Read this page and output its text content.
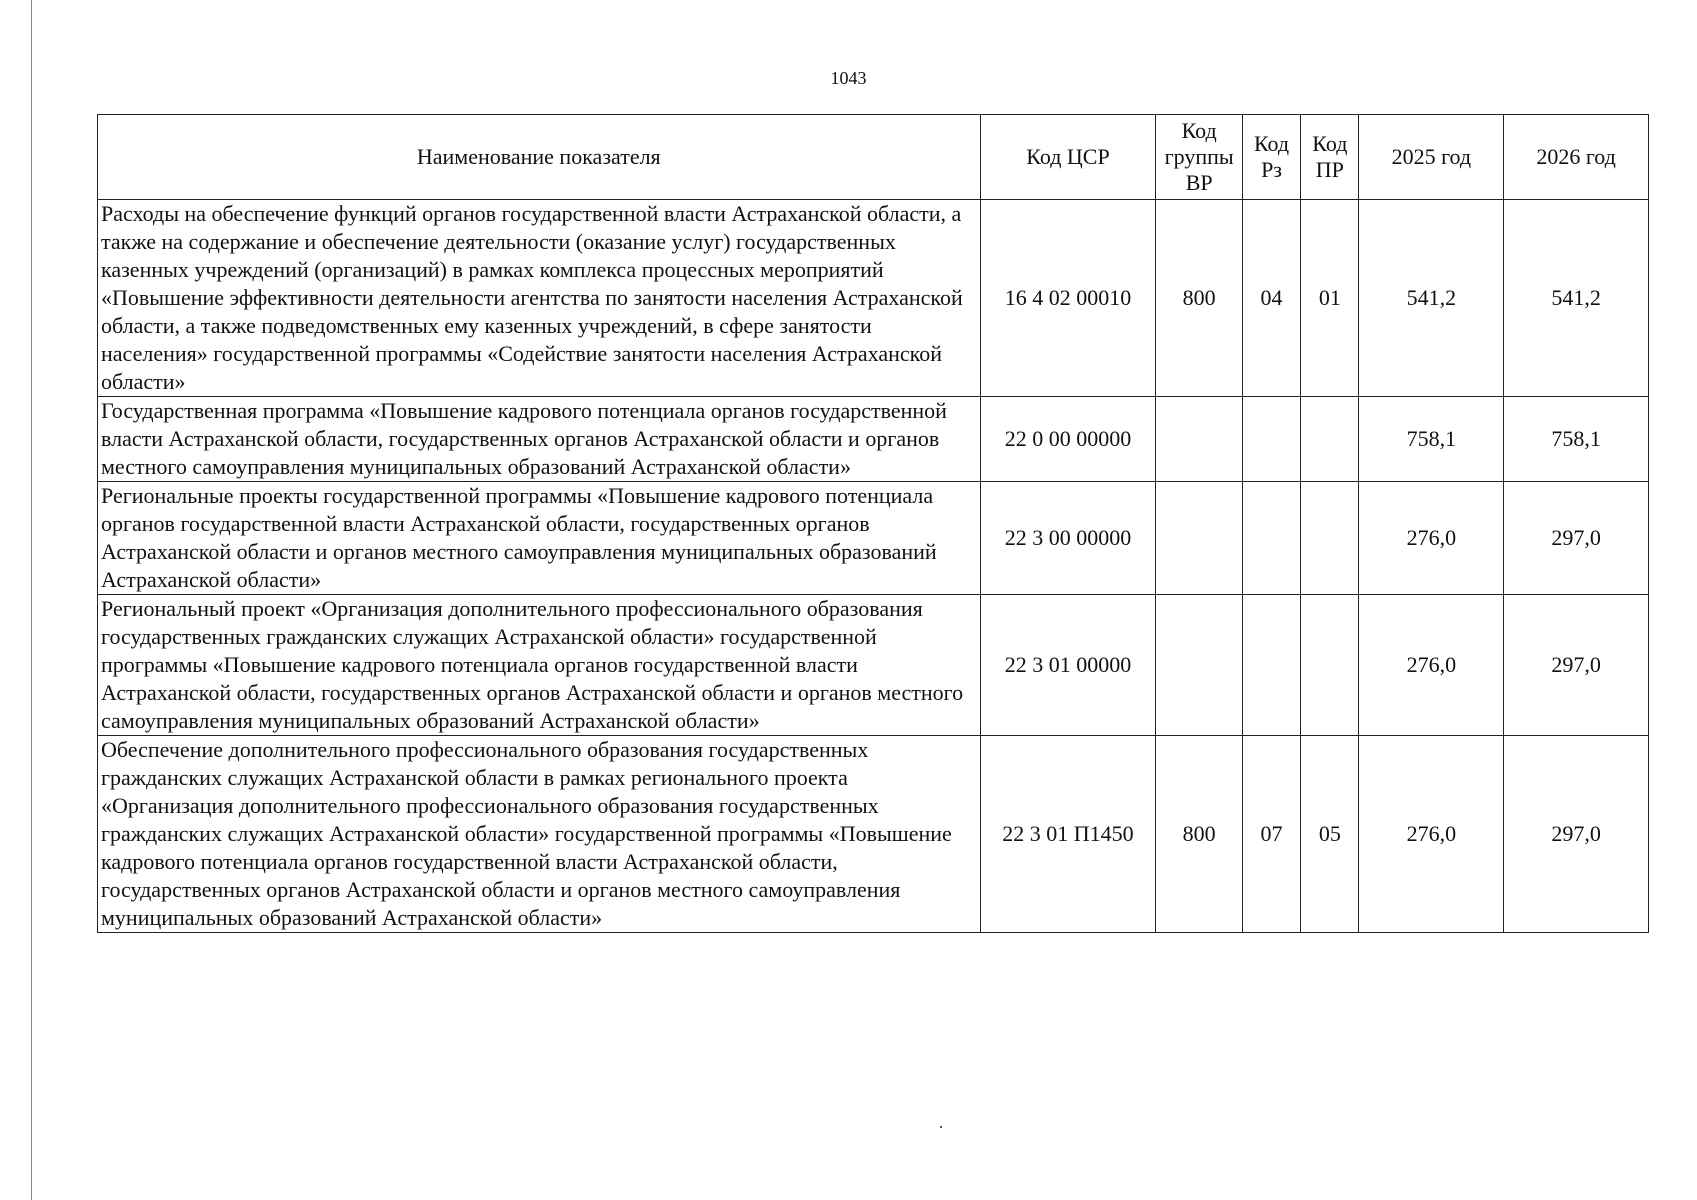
1043
Наименование показателя	Код ЦСР	Код группы ВР	Код Рз	Код ПР	2025 год	2026 год
Расходы на обеспечение функций органов государственной власти Астраханской области, а также на содержание и обеспечение деятельности (оказание услуг) государственных казенных учреждений (организаций) в рамках комплекса процессных мероприятий «Повышение эффективности деятельности агентства по занятости населения Астраханской области, а также подведомственных ему казенных учреждений, в сфере занятости населения» государственной программы «Содействие занятости населения Астраханской области»	16 4 02 00010	800	04	01	541,2	541,2
Государственная программа «Повышение кадрового потенциала органов государственной власти Астраханской области, государственных органов Астраханской области и органов местного самоуправления муниципальных образований Астраханской области»	22 0 00 00000				758,1	758,1
Региональные проекты государственной программы «Повышение кадрового потенциала органов государственной власти Астраханской области, государственных органов Астраханской области и органов местного самоуправления муниципальных образований Астраханской области»	22 3 00 00000				276,0	297,0
Региональный проект «Организация дополнительного профессионального образования государственных гражданских служащих Астраханской области» государственной программы «Повышение кадрового потенциала органов государственной власти Астраханской области, государственных органов Астраханской области и органов местного самоуправления муниципальных образований Астраханской области»	22 3 01 00000				276,0	297,0
Обеспечение дополнительного профессионального образования государственных гражданских служащих Астраханской области в рамках регионального проекта «Организация дополнительного профессионального образования государственных гражданских служащих Астраханской области» государственной программы «Повышение кадрового потенциала органов государственной власти Астраханской области, государственных органов Астраханской области и органов местного самоуправления муниципальных образований Астраханской области»	22 3 01 П1450	800	07	05	276,0	297,0
